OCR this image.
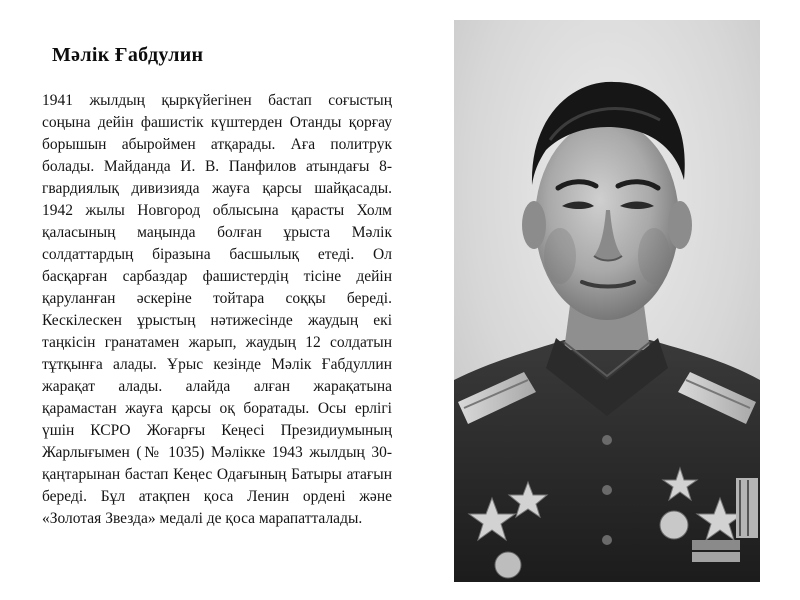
Мәлік Ғабдулин
1941 жылдың қыркүйегінен бастап соғыстың соңына дейін фашистік күштерден Отанды қорғау борышын абыроймен атқарады. Аға политрук болады. Майданда И. В. Панфилов атындағы 8-гвардиялық дивизияда жауға қарсы шайқасады. 1942 жылы Новгород облысына қарасты Холм қаласының маңында болған ұрыста Мәлік солдаттардың біразына басшылық етеді. Ол басқарған сарбаздар фашистердің тісіне дейін қаруланған әскеріне тойтара соққы береді. Кескілескен ұрыстың нәтижесінде жаудың екі таңкісін гранатамен жарып, жаудың 12 солдатын тұтқынға алады. Ұрыс кезінде Мәлік Ғабдуллин жарақат алады. алайда алған жарақатына қарамастан жауға қарсы оқ боратады. Осы ерлігі үшін КСРО Жоғарғы Кеңесі Президиумының Жарлығымен (№ 1035) Мәлікке 1943 жылдың 30-қаңтарынан бастап Кеңес Одағының Батыры атағын береді. Бұл атақпен қоса Ленин ордені және «Золотая Звезда» медалі де қоса марапатталады.
